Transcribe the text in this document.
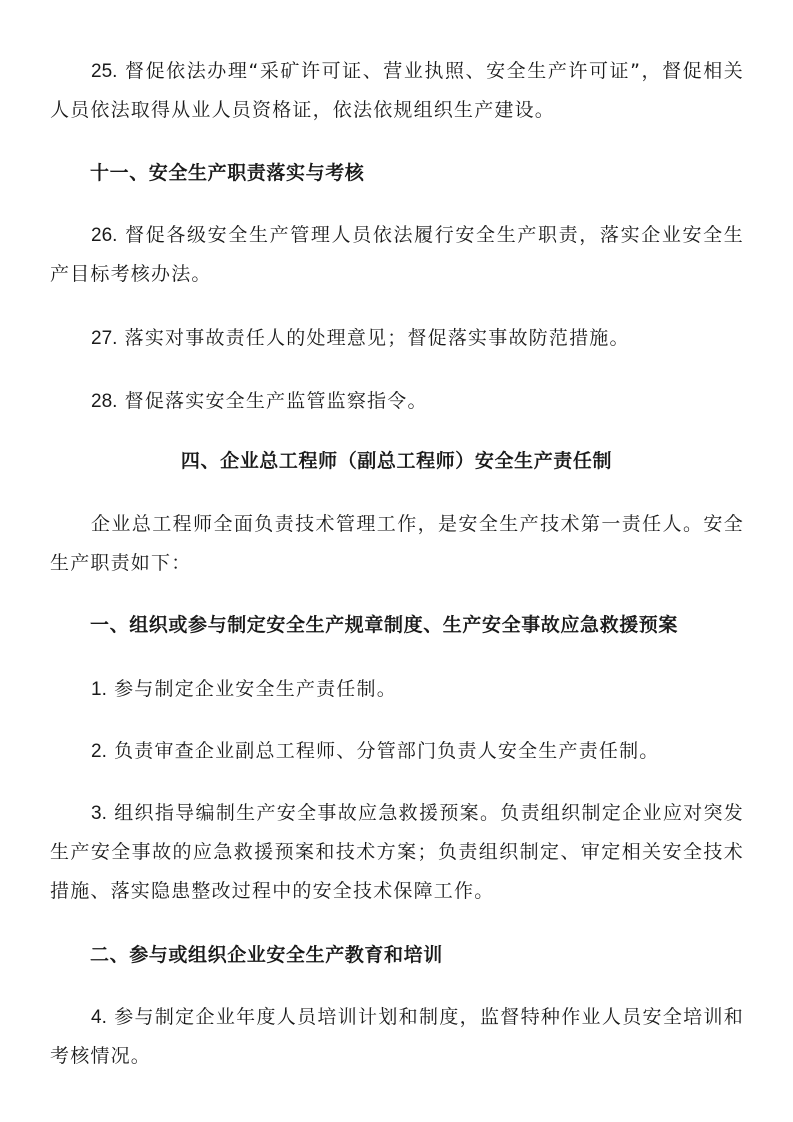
25. 督促依法办理“采矿许可证、营业执照、安全生产许可证”，督促相关人员依法取得从业人员资格证，依法依规组织生产建设。

十一、安全生产职责落实与考核

26. 督促各级安全生产管理人员依法履行安全生产职责，落实企业安全生产目标考核办法。

27. 落实对事故责任人的处理意见；督促落实事故防范措施。

28. 督促落实安全生产监管监察指令。

四、企业总工程师（副总工程师）安全生产责任制

企业总工程师全面负责技术管理工作，是安全生产技术第一责任人。安全生产职责如下：

一、组织或参与制定安全生产规章制度、生产安全事故应急救援预案

1. 参与制定企业安全生产责任制。

2. 负责审查企业副总工程师、分管部门负责人安全生产责任制。

3. 组织指导编制生产安全事故应急救援预案。负责组织制定企业应对突发生产安全事故的应急救援预案和技术方案；负责组织制定、审定相关安全技术措施、落实隐患整改过程中的安全技术保障工作。

二、参与或组织企业安全生产教育和培训

4. 参与制定企业年度人员培训计划和制度，监督特种作业人员安全培训和考核情况。
